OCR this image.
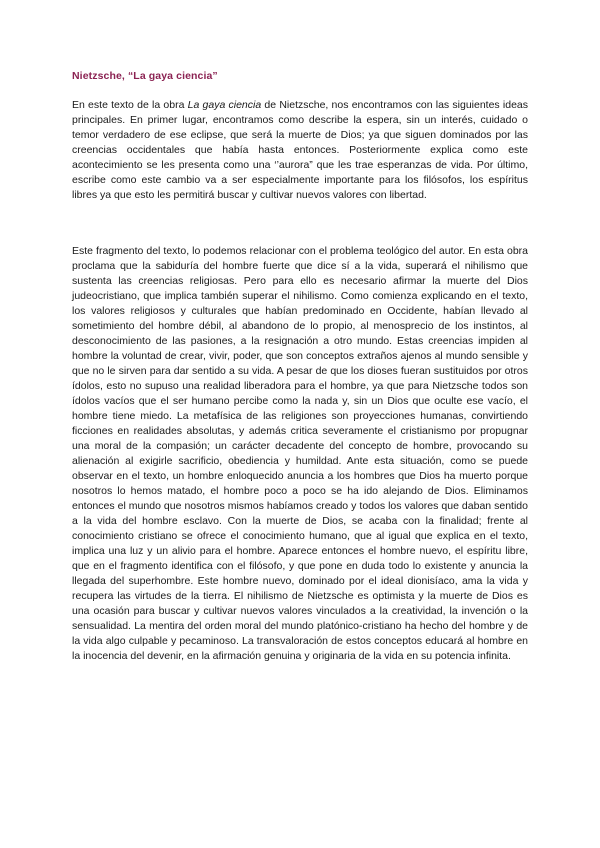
Nietzsche, “La gaya ciencia”

En este texto de la obra La gaya ciencia de Nietzsche, nos encontramos con las siguientes ideas principales. En primer lugar, encontramos como describe la espera, sin un interés, cuidado o temor verdadero de ese eclipse, que será la muerte de Dios; ya que siguen dominados por las creencias occidentales que había hasta entonces. Posteriormente explica como este acontecimiento se les presenta como una ‘’aurora” que les trae esperanzas de vida. Por último, escribe como este cambio va a ser especialmente importante para los filósofos, los espíritus libres ya que esto les permitirá buscar y cultivar nuevos valores con libertad.

Este fragmento del texto, lo podemos relacionar con el problema teológico del autor. En esta obra proclama que la sabiduría del hombre fuerte que dice sí a la vida, superará el nihilismo que sustenta las creencias religiosas. Pero para ello es necesario afirmar la muerte del Dios judeocristiano, que implica también superar el nihilismo. Como comienza explicando en el texto, los valores religiosos y culturales que habían predominado en Occidente, habían llevado al sometimiento del hombre débil, al abandono de lo propio, al menosprecio de los instintos, al desconocimiento de las pasiones, a la resignación a otro mundo. Estas creencias impiden al hombre la voluntad de crear, vivir, poder, que son conceptos extraños ajenos al mundo sensible y que no le sirven para dar sentido a su vida. A pesar de que los dioses fueran sustituidos por otros ídolos, esto no supuso una realidad liberadora para el hombre, ya que para Nietzsche todos son ídolos vacíos que el ser humano percibe como la nada y, sin un Dios que oculte ese vacío, el hombre tiene miedo. La metafísica de las religiones son proyecciones humanas, convirtiendo ficciones en realidades absolutas, y además critica severamente el cristianismo por propugnar una moral de la compasión; un carácter decadente del concepto de hombre, provocando su alienación al exigirle sacrificio, obediencia y humildad. Ante esta situación, como se puede observar en el texto, un hombre enloquecido anuncia a los hombres que Dios ha muerto porque nosotros lo hemos matado, el hombre poco a poco se ha ido alejando de Dios. Eliminamos entonces el mundo que nosotros mismos habíamos creado y todos los valores que daban sentido a la vida del hombre esclavo. Con la muerte de Dios, se acaba con la finalidad; frente al conocimiento cristiano se ofrece el conocimiento humano, que al igual que explica en el texto, implica una luz y un alivio para el hombre. Aparece entonces el hombre nuevo, el espíritu libre, que en el fragmento identifica con el filósofo, y que pone en duda todo lo existente y anuncia la llegada del superhombre. Este hombre nuevo, dominado por el ideal dionisíaco, ama la vida y recupera las virtudes de la tierra. El nihilismo de Nietzsche es optimista y la muerte de Dios es una ocasión para buscar y cultivar nuevos valores vinculados a la creatividad, la invención o la sensualidad. La mentira del orden moral del mundo platónico-cristiano ha hecho del hombre y de la vida algo culpable y pecaminoso. La transvaloración de estos conceptos educará al hombre en la inocencia del devenir, en la afirmación genuina y originaria de la vida en su potencia infinita.
